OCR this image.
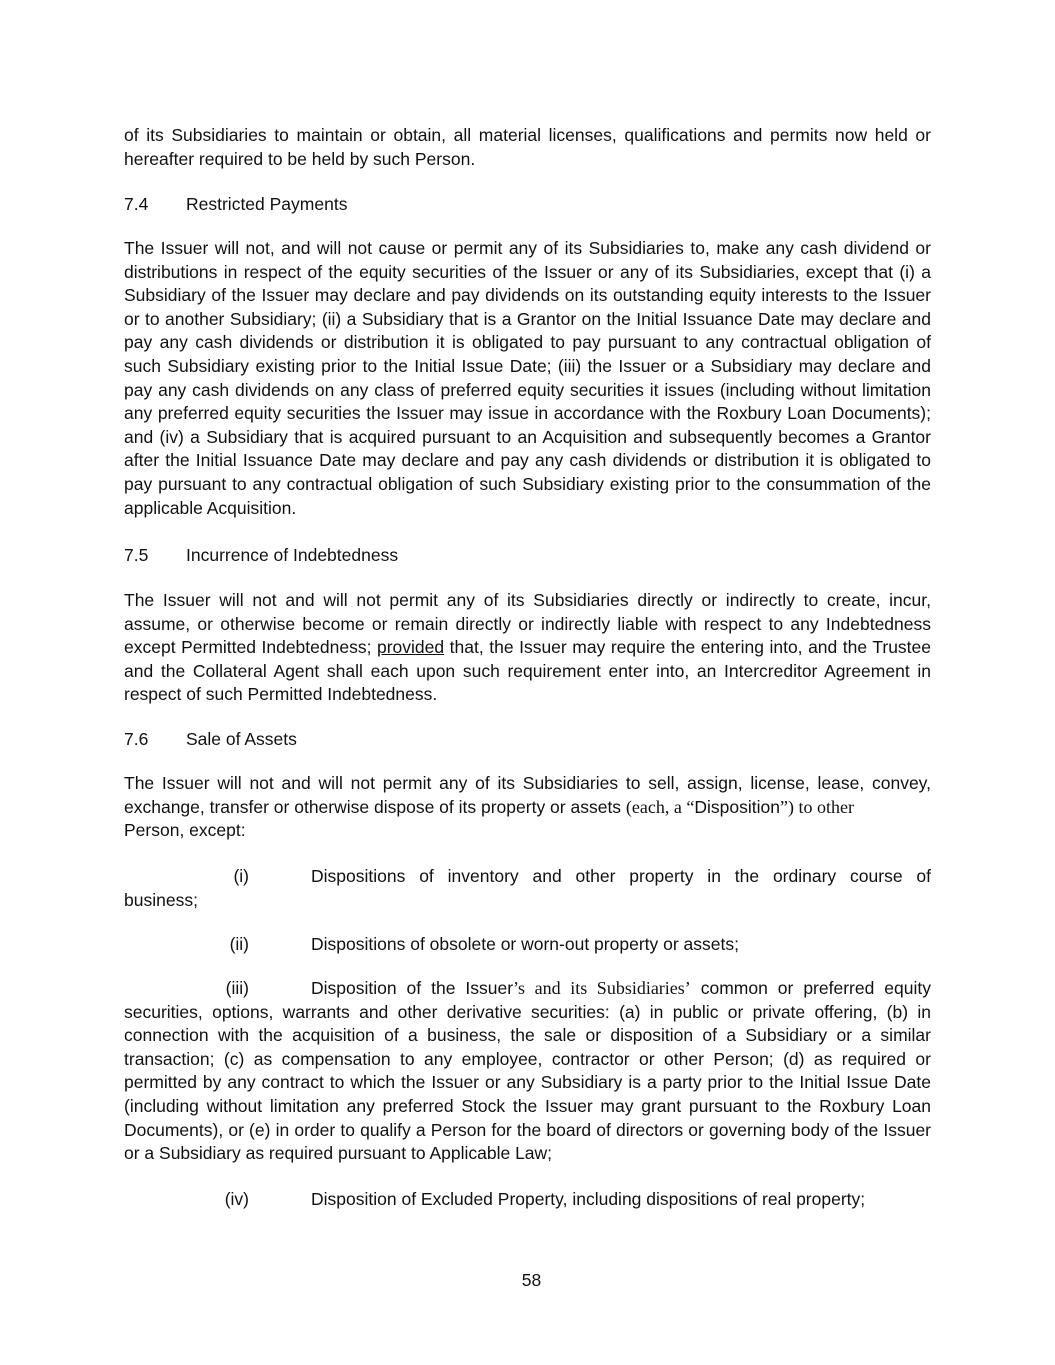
of its Subsidiaries to maintain or obtain, all material licenses, qualifications and permits now held or hereafter required to be held by such Person.

7.4 Restricted Payments

The Issuer will not, and will not cause or permit any of its Subsidiaries to, make any cash dividend or distributions in respect of the equity securities of the Issuer or any of its Subsidiaries, except that (i) a Subsidiary of the Issuer may declare and pay dividends on its outstanding equity interests to the Issuer or to another Subsidiary; (ii) a Subsidiary that is a Grantor on the Initial Issuance Date may declare and pay any cash dividends or distribution it is obligated to pay pursuant to any contractual obligation of such Subsidiary existing prior to the Initial Issue Date; (iii) the Issuer or a Subsidiary may declare and pay any cash dividends on any class of preferred equity securities it issues (including without limitation any preferred equity securities the Issuer may issue in accordance with the Roxbury Loan Documents); and (iv) a Subsidiary that is acquired pursuant to an Acquisition and subsequently becomes a Grantor after the Initial Issuance Date may declare and pay any cash dividends or distribution it is obligated to pay pursuant to any contractual obligation of such Subsidiary existing prior to the consummation of the applicable Acquisition.

7.5 Incurrence of Indebtedness

The Issuer will not and will not permit any of its Subsidiaries directly or indirectly to create, incur, assume, or otherwise become or remain directly or indirectly liable with respect to any Indebtedness except Permitted Indebtedness; provided that, the Issuer may require the entering into, and the Trustee and the Collateral Agent shall each upon such requirement enter into, an Intercreditor Agreement in respect of such Permitted Indebtedness.

7.6 Sale of Assets

The Issuer will not and will not permit any of its Subsidiaries to sell, assign, license, lease, convey, exchange, transfer or otherwise dispose of its property or assets (each, a “Disposition”) to other
Person, except:

(i)	Dispositions of inventory and other property in the ordinary course of
business;
(ii)	Dispositions of obsolete or worn-out property or assets;
(iii)	Disposition of the Issuer’s and its Subsidiaries’ common or preferred equity
securities, options, warrants and other derivative securities: (a) in public or private offering, (b) in connection with the acquisition of a business, the sale or disposition of a Subsidiary or a similar transaction; (c) as compensation to any employee, contractor or other Person; (d) as required or permitted by any contract to which the Issuer or any Subsidiary is a party prior to the Initial Issue Date (including without limitation any preferred Stock the Issuer may grant pursuant to the Roxbury Loan Documents), or (e) in order to qualify a Person for the board of directors or governing body of the Issuer or a Subsidiary as required pursuant to Applicable Law;
(iv)	Disposition of Excluded Property, including dispositions of real property;

58
